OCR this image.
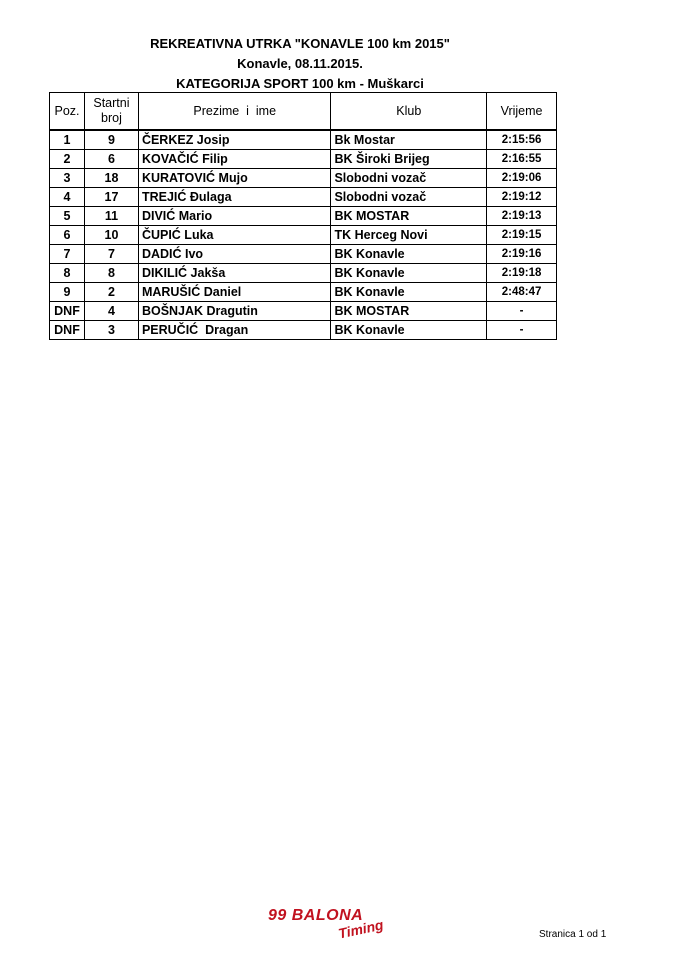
REKREATIVNA UTRKA "KONAVLE 100 km 2015"
Konavle, 08.11.2015.
KATEGORIJA SPORT 100 km - Muškarci
Poz.	Startni broj	Prezime  i  ime	Klub	Vrijeme
1	9	ČERKEZ Josip	Bk Mostar	2:15:56
2	6	KOVAČIĆ Filip	BK Široki Brijeg	2:16:55
3	18	KURATOVIĆ Mujo	Slobodni vozač	2:19:06
4	17	TREJIĆ Đulaga	Slobodni vozač	2:19:12
5	11	DIVIĆ Mario	BK MOSTAR	2:19:13
6	10	ČUPIĆ Luka	TK Herceg Novi	2:19:15
7	7	DADIĆ Ivo	BK Konavle	2:19:16
8	8	DIKILIĆ Jakša	BK Konavle	2:19:18
9	2	MARUŠIĆ Daniel	BK Konavle	2:48:47
DNF	4	BOŠNJAK Dragutin	BK MOSTAR	-
DNF	3	PERUČIĆ  Dragan	BK Konavle	-
99 BALONA
Timing	Stranica 1 od 1
